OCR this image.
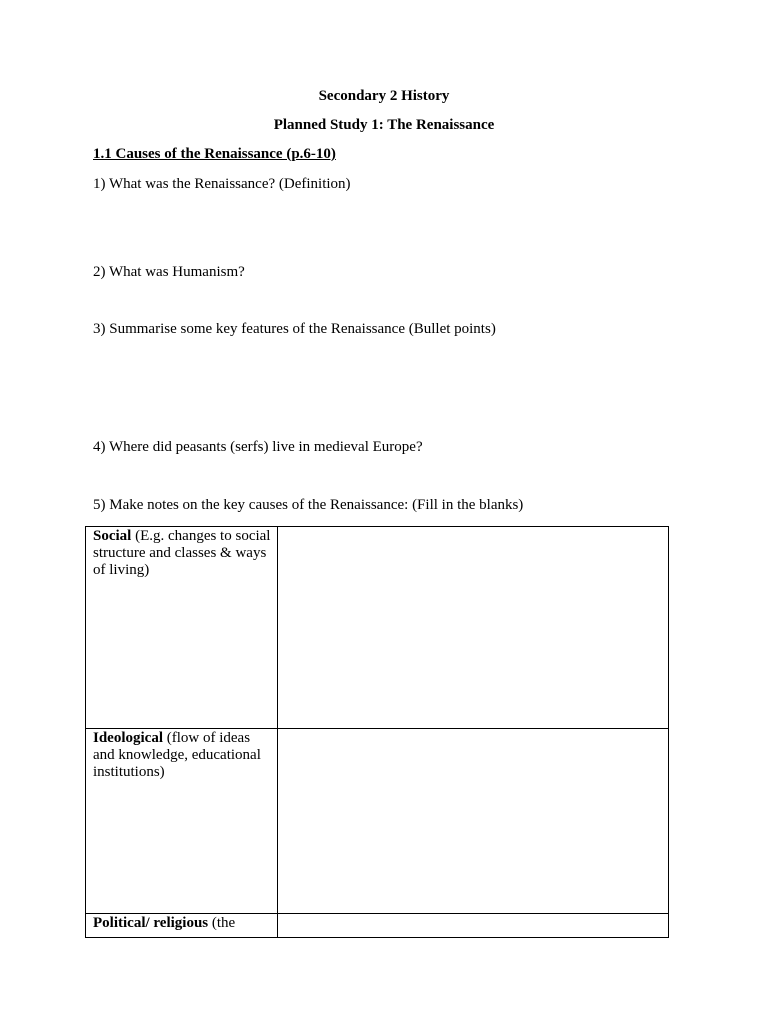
Secondary 2 History
Planned Study 1: The Renaissance
1.1 Causes of the Renaissance (p.6-10)
1) What was the Renaissance? (Definition)
2) What was Humanism?
3) Summarise some key features of the Renaissance (Bullet points)
4) Where did peasants (serfs) live in medieval Europe?
5) Make notes on the key causes of the Renaissance: (Fill in the blanks)
Social (E.g. changes to social structure and classes & ways of living)	

Ideological (flow of ideas and knowledge, educational institutions)	

Political/ religious (the	
